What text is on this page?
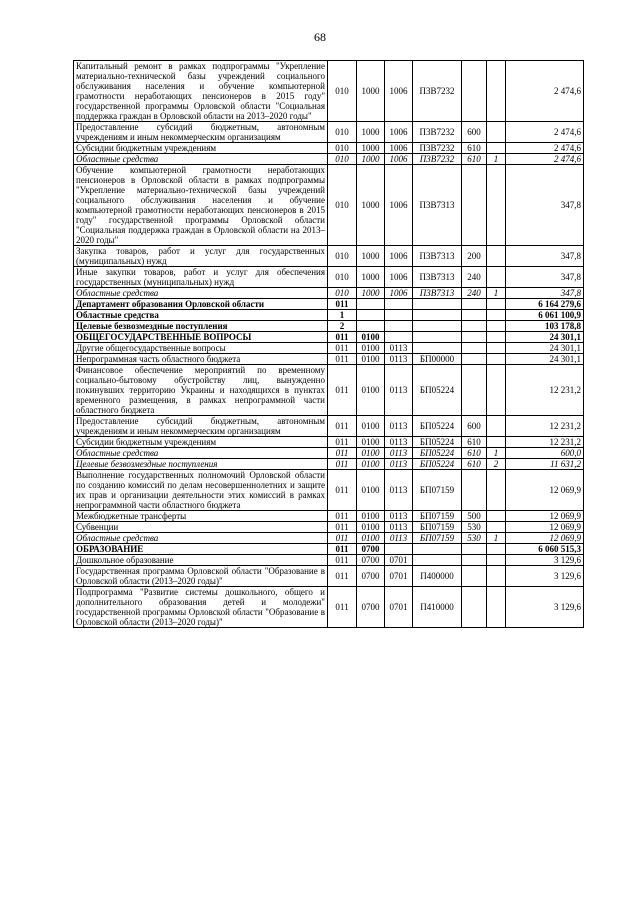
68
Капитальный ремонт в рамках подпрограммы "Укрепление материально-технической базы учреждений социального обслуживания населения и обучение компьютерной грамотности неработающих пенсионеров в 2015 году" государственной программы Орловской области "Социальная поддержка граждан в Орловской области на 2013–2020 годы"	010	1000	1006	П3В7232			2 474,6
Предоставление субсидий бюджетным, автономным учреждениям и иным некоммерческим организациям	010	1000	1006	П3В7232	600		2 474,6
Субсидии бюджетным учреждениям	010	1000	1006	П3В7232	610		2 474,6
Областные средства	010	1000	1006	П3В7232	610	1	2 474,6
Обучение компьютерной грамотности неработающих пенсионеров в Орловской области в рамках подпрограммы "Укрепление материально-технической базы учреждений социального обслуживания населения и обучение компьютерной грамотности неработающих пенсионеров в 2015 году" государственной программы Орловской области "Социальная поддержка граждан в Орловской области на 2013–2020 годы"	010	1000	1006	П3В7313			347,8
Закупка товаров, работ и услуг для государственных (муниципальных) нужд	010	1000	1006	П3В7313	200		347,8
Иные закупки товаров, работ и услуг для обеспечения государственных (муниципальных) нужд	010	1000	1006	П3В7313	240		347,8
Областные средства	010	1000	1006	П3В7313	240	1	347,8
Департамент образования Орловской области	011						6 164 279,6
Областные средства	1						6 061 100,9
Целевые безвозмездные поступления	2						103 178,8
ОБЩЕГОСУДАРСТВЕННЫЕ ВОПРОСЫ	011	0100					24 301,1
Другие общегосударственные вопросы	011	0100	0113				24 301,1
Непрограммная часть областного бюджета	011	0100	0113	БП00000			24 301,1
Финансовое обеспечение мероприятий по временному социально-бытовому обустройству лиц, вынужденно покинувших территорию Украины и находящихся в пунктах временного размещения, в рамках непрограммной части областного бюджета	011	0100	0113	БП05224			12 231,2
Предоставление субсидий бюджетным, автономным учреждениям и иным некоммерческим организациям	011	0100	0113	БП05224	600		12 231,2
Субсидии бюджетным учреждениям	011	0100	0113	БП05224	610		12 231,2
Областные средства	011	0100	0113	БП05224	610	1	600,0
Целевые безвозмездные поступления	011	0100	0113	БП05224	610	2	11 631,2
Выполнение государственных полномочий Орловской области по созданию комиссий по делам несовершеннолетних и защите их прав и организации деятельности этих комиссий в рамках непрограммной части областного бюджета	011	0100	0113	БП07159			12 069,9
Межбюджетные трансферты	011	0100	0113	БП07159	500		12 069,9
Субвенции	011	0100	0113	БП07159	530		12 069,9
Областные средства	011	0100	0113	БП07159	530	1	12 069,9
ОБРАЗОВАНИЕ	011	0700					6 060 515,3
Дошкольное образование	011	0700	0701				3 129,6
Государственная программа Орловской области "Образование в Орловской области (2013–2020 годы)"	011	0700	0701	П400000			3 129,6
Подпрограмма "Развитие системы дошкольного, общего и дополнительного образования детей и молодежи" государственной программы Орловской области "Образование в Орловской области (2013–2020 годы)"	011	0700	0701	П410000			3 129,6
